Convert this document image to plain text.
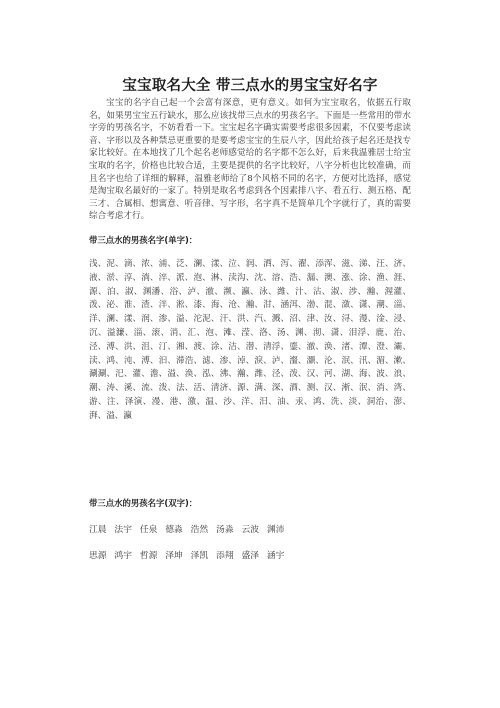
宝宝取名大全 带三点水的男宝宝好名字

宝宝的名字自己起一个会富有深意，更有意义。如何为宝宝取名，依据五行取名，如果男宝宝五行缺水，那么应该找带三点水的男孩名字。下面是一些常用的带水字旁的男孩名字，不妨看看一下。宝宝起名字确实需要考虑很多因素，不仅要考虑读音、字形以及各种禁忌更重要的是要考虑宝宝的生辰八字，因此给孩子起名还是找专家比较好。在本地找了几个起名老师感觉给的名字都不怎么好，后来我温雅居士给宝宝取的名字，价格也比较合适，主要是提供的名字比较好，八字分析也比较准确，而且名字也给了详细的解释，温雅老师给了8个风格不同的名字，方便对比选择，感觉是淘宝取名最好的一家了。特别是取名考虑到各个因素排八字、看五行、测五格、配三才、合属相、想寓意、听音律、写字形，名字真不是简单几个字就行了，真的需要综合考虑才行。

带三点水的男孩名字(单字)：

浅、泥、滴、浓、浦、泛、澜、漾、泣、润、洒、泻、濯、添浑、滋、涕、汪、济、液、淤、淳、淌、淬、派、泡、淋、渎沟、沈、溶、浩、漏、澳、涨、涂、渔、涯、源、泊、淑、渊潘、浴、泸、澈、濒、瀛、泳、潍、汁、沾、淑、涉、瀚、渥灌、泼、泌、淮、渣、泮、淞、漆、海、沧、瀚、泔、涵洱、渤、混、潋、潇、潮、淄、洋、澜、漾、润、渗、溢、沱泥、汗、洪、汽、溅、沼、津、汝、浔、漫、淦、浸、沉、溢濂、淄、滚、消、汇、泡、滩、滢、洛、汤、渊、沏、潇、泪浮、鹿、治、泾、溥、洪、沮、汀、湘、渡、涂、洁、潜、清浮、鎏、澈、涣、渚、潭、澄、灞、渎、鸿、沌、溥、汩、滞浩、滤、渗、淖、淚、泸、瀣、灏、沦、泯、汛、湄、漱、涮涮、汜、灌、澹、溢、涣、泓、沸、瀚、潍、泾、泼、汉、河、湖、海、波、浪、潮、涛、溪、流、泼、法、活、清济、源、满、深、酒、测、汉、淅、泯、消、湾、游、注、泽演、漫、港、激、温、沙、洋、汨、油、汞、鸿、洗、淡、洞治、澎、湃、溢、瀛

带三点水的男孩名字(双字)：

江晨 法宇 任泉 德淼 浩然 汤淼 云波 渊沛

思源 鸿宇 哲源 泽坤 泽凯 添翔 盛泽 涵宇
